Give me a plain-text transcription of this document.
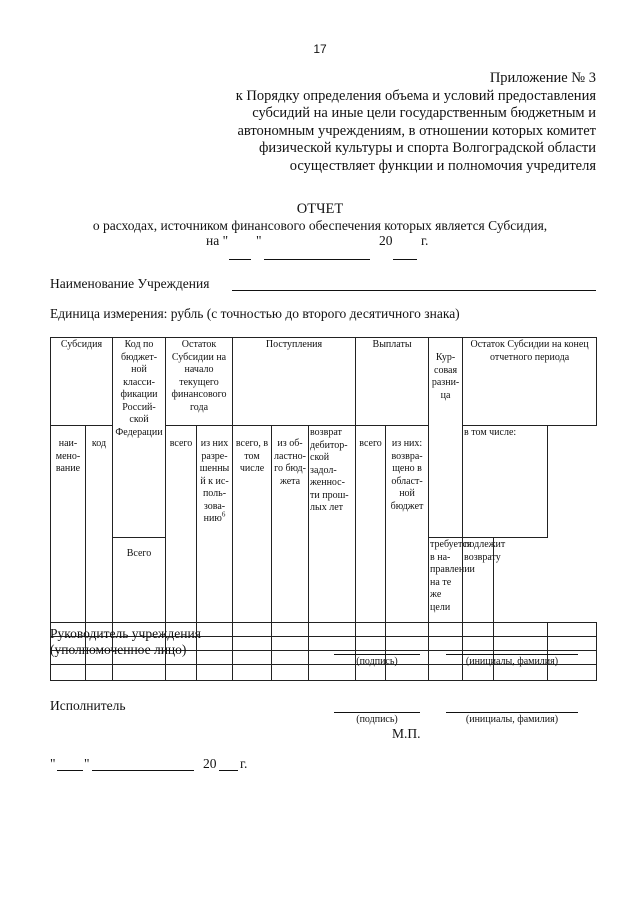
17
Приложение № 3
к Порядку определения объема и условий предоставления
субсидий на иные цели государственным бюджетным и
автономным учреждениям, в отношении которых комитет
физической культуры и спорта Волгоградской области
осуществляет функции и полномочия учредителя
ОТЧЕТ
о расходах, источником финансового обеспечения которых является Субсидия,
на " "	20 г.
Наименование Учреждения
Единица измерения: рубль (с точностью до второго десятичного знака)
Субсидия		Код по бюджет-ной класси-фикации Россий-ской Федерации	Остаток Субсидии на начало текущего финансового года		Поступления			Выплаты		Кур-совая разни-ца	Остаток Субсидии на конец отчетного периода		
наи-мено-вание	код		всего	из них разре-шенны й к ис-поль-зова-нию$^6$	всего, в том числе	из об-ластно-го бюд-жета	возврат дебитор-ской задол-женнос-ти прош-лых лет	всего	из них: возвра-щено в област-ной бюджет		в том числе:		
		Всего								требуется в на-правлении на те же цели	подлежит возврату		

Руководитель учреждения
(уполномоченное лицо)
(подпись)	(инициалы, фамилия)
Исполнитель
(подпись)	(инициалы, фамилия)
М.П.
" "	20 г.
